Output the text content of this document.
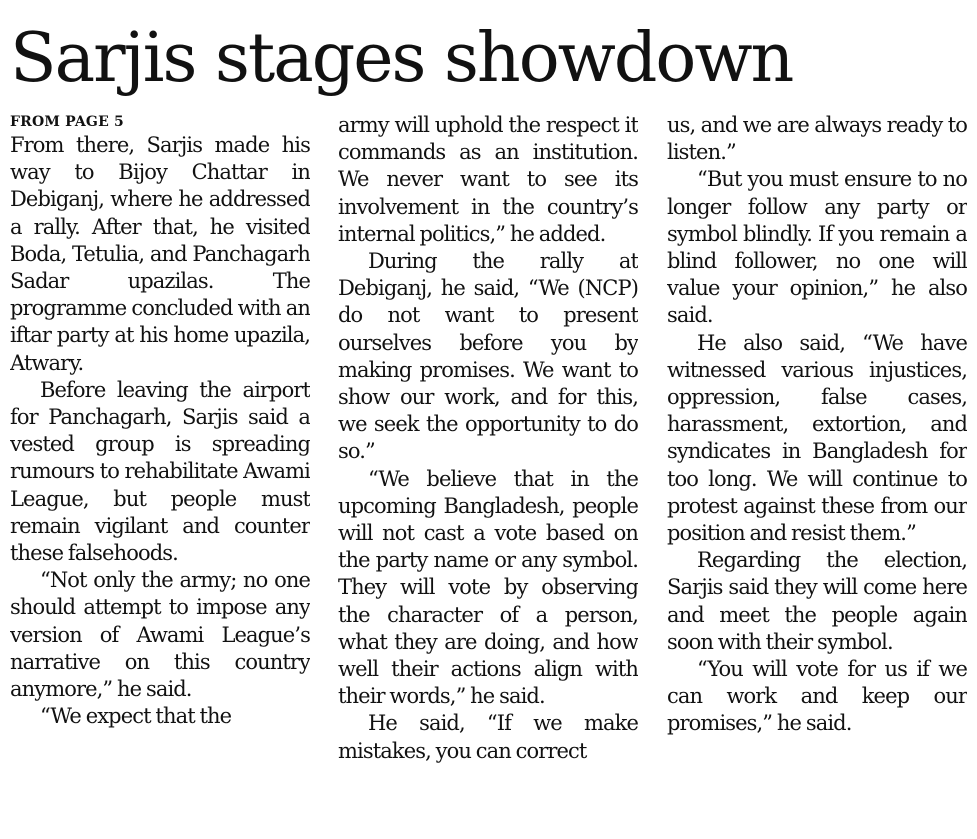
Sarjis stages showdown
FROM PAGE 5

From there, Sarjis made his way to Bijoy Chattar in Debiganj, where he addressed a rally. After that, he visited Boda, Tetulia, and Panchagarh Sadar upazilas. The programme concluded with an iftar party at his home upazila, Atwary.

Before leaving the airport for Panchagarh, Sarjis said a vested group is spreading rumours to rehabilitate Awami League, but people must remain vigilant and counter these falsehoods.

“Not only the army; no one should attempt to impose any version of Awami League’s narrative on this country anymore,” he said.

“We expect that the

army will uphold the respect it commands as an institution. We never want to see its involvement in the country’s internal politics,” he added.

During the rally at Debiganj, he said, “We (NCP) do not want to present ourselves before you by making promises. We want to show our work, and for this, we seek the opportunity to do so.”

“We believe that in the upcoming Bangladesh, people will not cast a vote based on the party name or any symbol. They will vote by observing the character of a person, what they are doing, and how well their actions align with their words,” he said.

He said, “If we make mistakes, you can correct

us, and we are always ready to listen.”

“But you must ensure to no longer follow any party or symbol blindly. If you remain a blind follower, no one will value your opinion,” he also said.

He also said, “We have witnessed various injustices, oppression, false cases, harassment, extortion, and syndicates in Bangladesh for too long. We will continue to protest against these from our position and resist them.”

Regarding the election, Sarjis said they will come here and meet the people again soon with their symbol.

“You will vote for us if we can work and keep our promises,” he said.
